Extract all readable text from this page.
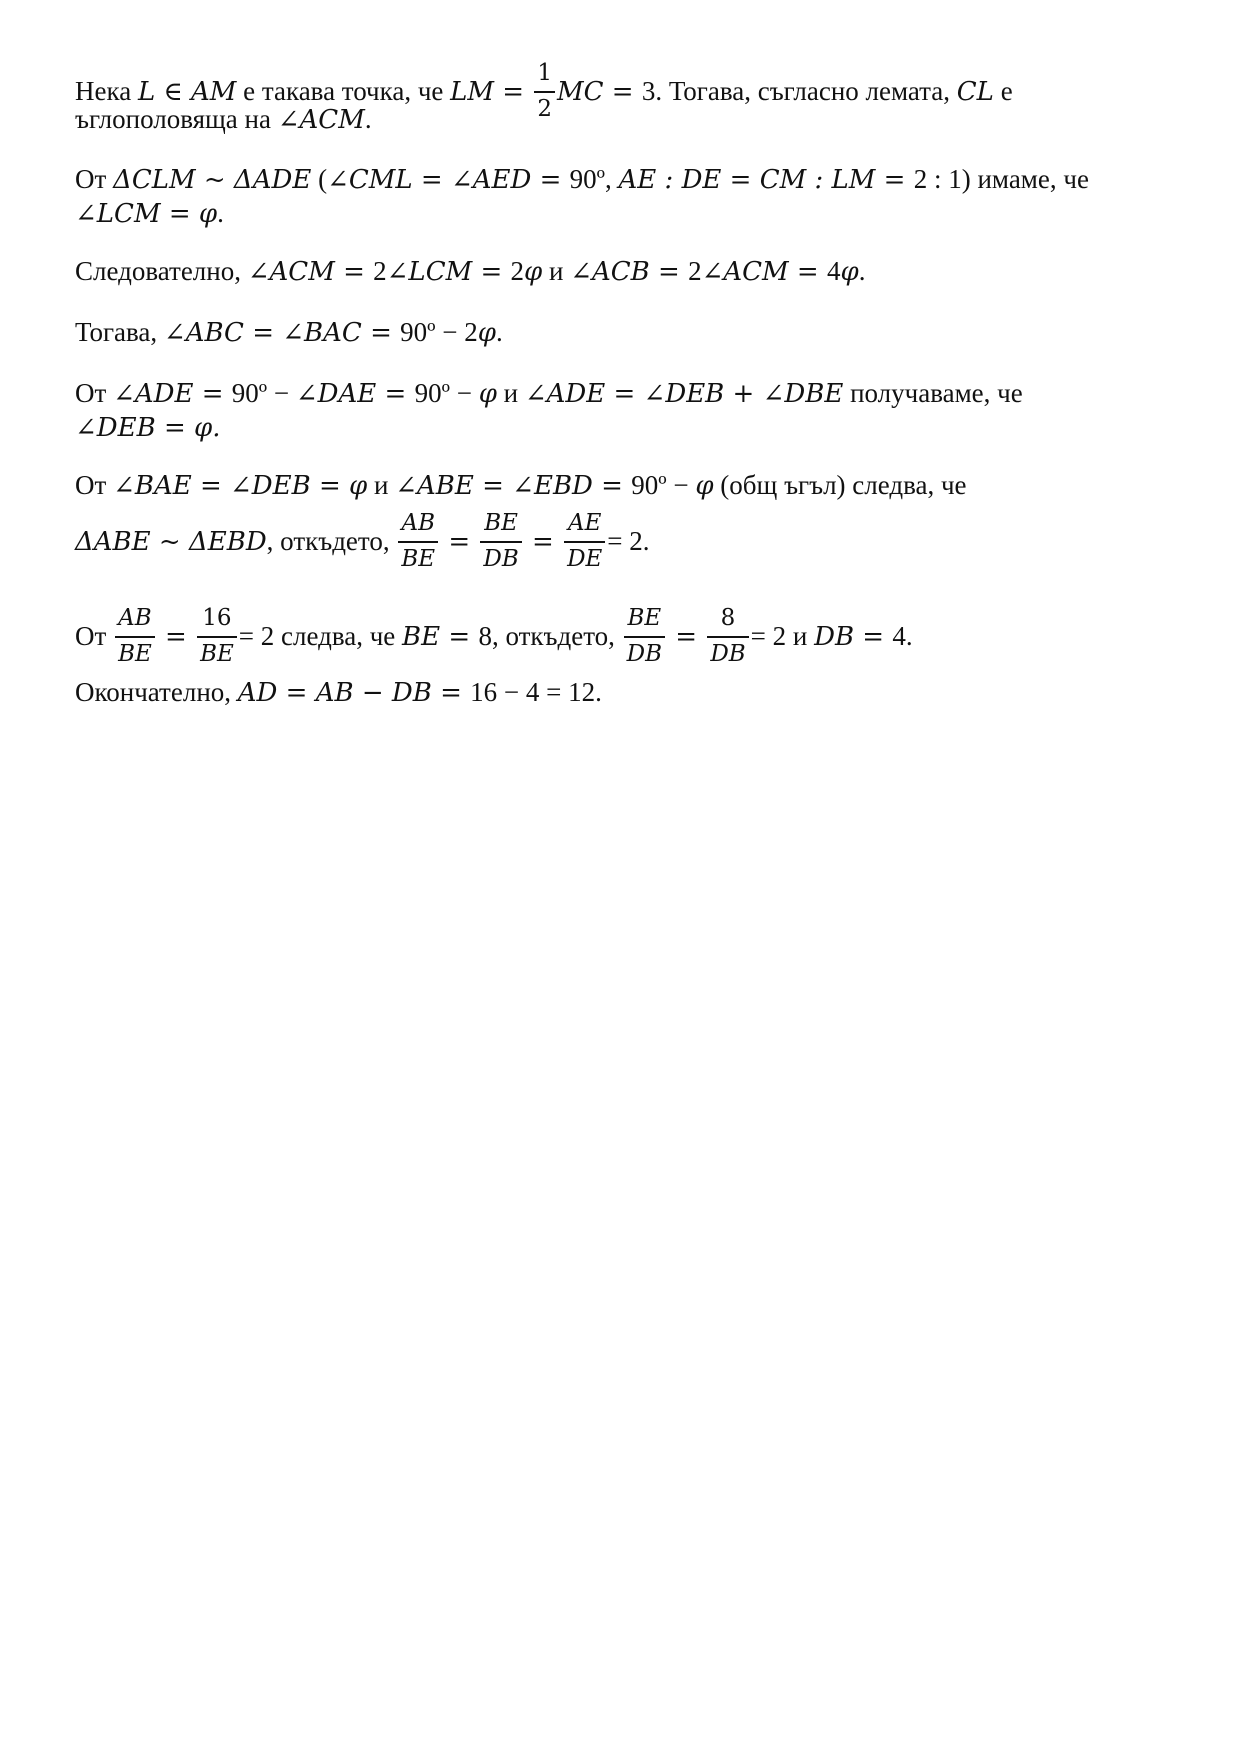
Нека L ∈ AM е такава точка, че LM = $\frac{1}{2}$ MC = 3. Тогава, съгласно лемата, CL е
ъглополовяща на ∠ACM.
От ΔCLM ~ ΔADE (∠CML = ∠AED = 90º, AE : DE = CM : LM = 2 : 1) имаме, че
∠LCM = φ.
Следователно, ∠ACM = 2∠LCM = 2φ и ∠ACB = 2∠ACM = 4φ.
Тогава, ∠ABC = ∠BAC = 90º − 2φ.
От ∠ADE = 90º − ∠DAE = 90º − φ и ∠ADE = ∠DEB + ∠DBE получаваме, че
∠DEB = φ.
От ∠BAE = ∠DEB = φ и ∠ABE = ∠EBD = 90º − φ (общ ъгъл) следва, че
ΔABE ~ ΔEBD, откъдето, $\frac{AB}{BE} = \frac{BE}{DB} = \frac{AE}{DE} = 2$.
От $\frac{AB}{BE} = \frac{16}{BE} = 2$ следва, че BE = 8, откъдето, $\frac{BE}{DB} = \frac{8}{DB} = 2$ и DB = 4.
Окончателно, AD = AB − DB = 16 − 4 = 12.
